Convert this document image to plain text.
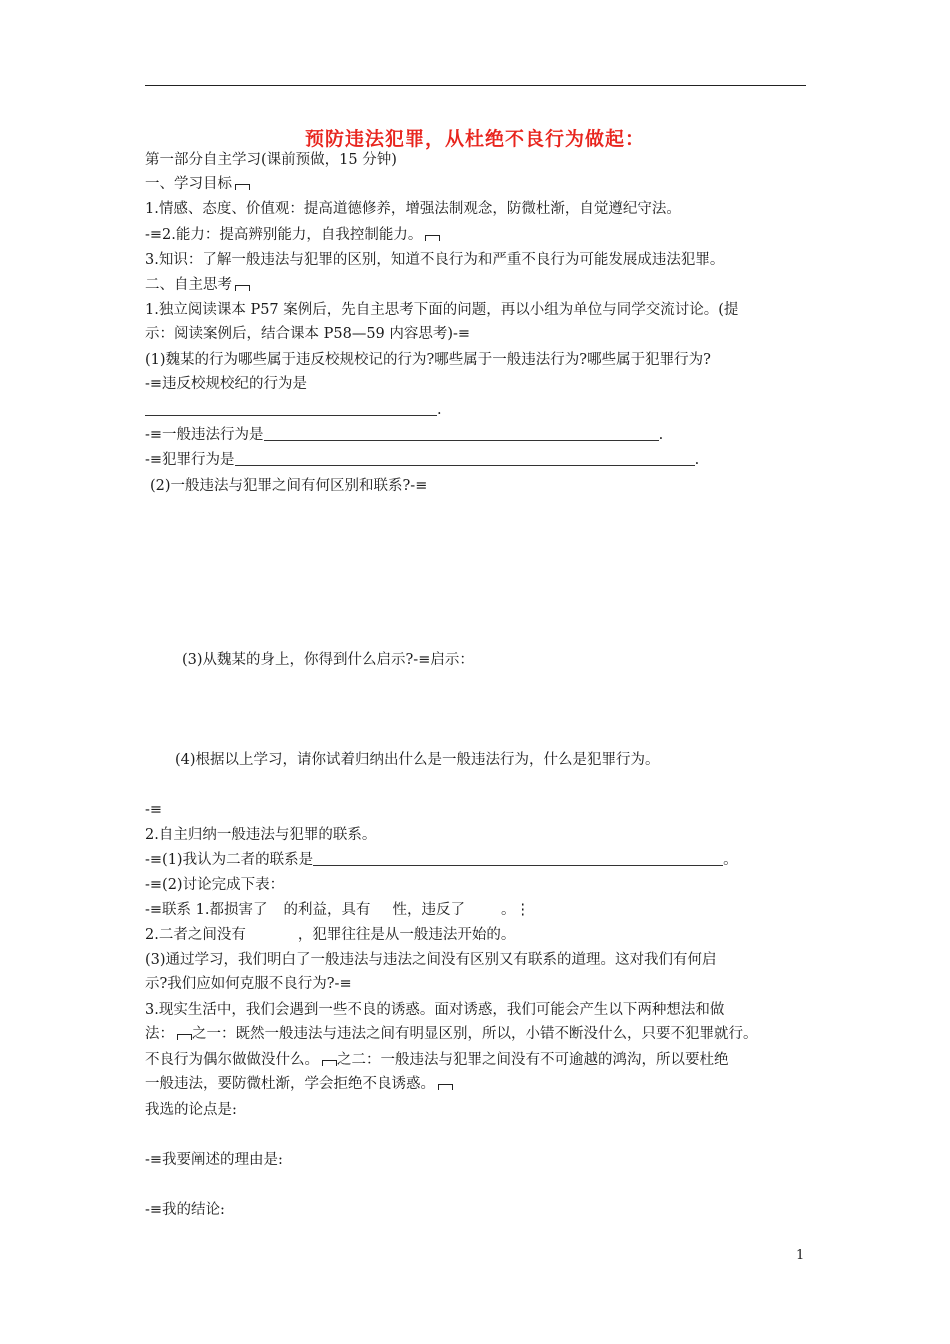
预防违法犯罪，从杜绝不良行为做起：
第一部分自主学习(课前预做，15 分钟)
一、学习目标
1.情感、态度、价值观：提高道德修养，增强法制观念，防微杜渐，自觉遵纪守法。
-≡2.能力：提高辨别能力，自我控制能力。
3.知识：了解一般违法与犯罪的区别，知道不良行为和严重不良行为可能发展成违法犯罪。
二、自主思考
1.独立阅读课本 P57 案例后，先自主思考下面的问题，再以小组为单位与同学交流讨论。(提
示：阅读案例后，结合课本 P58—59 内容思考)-≡
(1)魏某的行为哪些属于违反校规校记的行为?哪些属于一般违法行为?哪些属于犯罪行为?
-≡违反校规校纪的行为是
.
-≡一般违法行为是	.
-≡犯罪行为是	.
(2)一般违法与犯罪之间有何区别和联系?-≡
(3)从魏某的身上，你得到什么启示?-≡启示：
(4)根据以上学习，请你试着归纳出什么是一般违法行为，什么是犯罪行为。
-≡
2.自主归纳一般违法与犯罪的联系。
-≡(1)我认为二者的联系是	。
-≡(2)讨论完成下表：
-≡联系 1.都损害了 的利益，具有 性，违反了 。⋮
2.二者之间没有	，犯罪往往是从一般违法开始的。
(3)通过学习，我们明白了一般违法与违法之间没有区别又有联系的道理。这对我们有何启
示?我们应如何克服不良行为?-≡
3.现实生活中，我们会遇到一些不良的诱惑。面对诱惑，我们可能会产生以下两种想法和做
法： 之一：既然一般违法与违法之间有明显区别，所以，小错不断没什么，只要不犯罪就行。
不良行为偶尔做做没什么。 之二：一般违法与犯罪之间没有不可逾越的鸿沟，所以要杜绝
一般违法，要防微杜渐，学会拒绝不良诱惑。
我选的论点是:
-≡我要阐述的理由是:
-≡我的结论:
1
